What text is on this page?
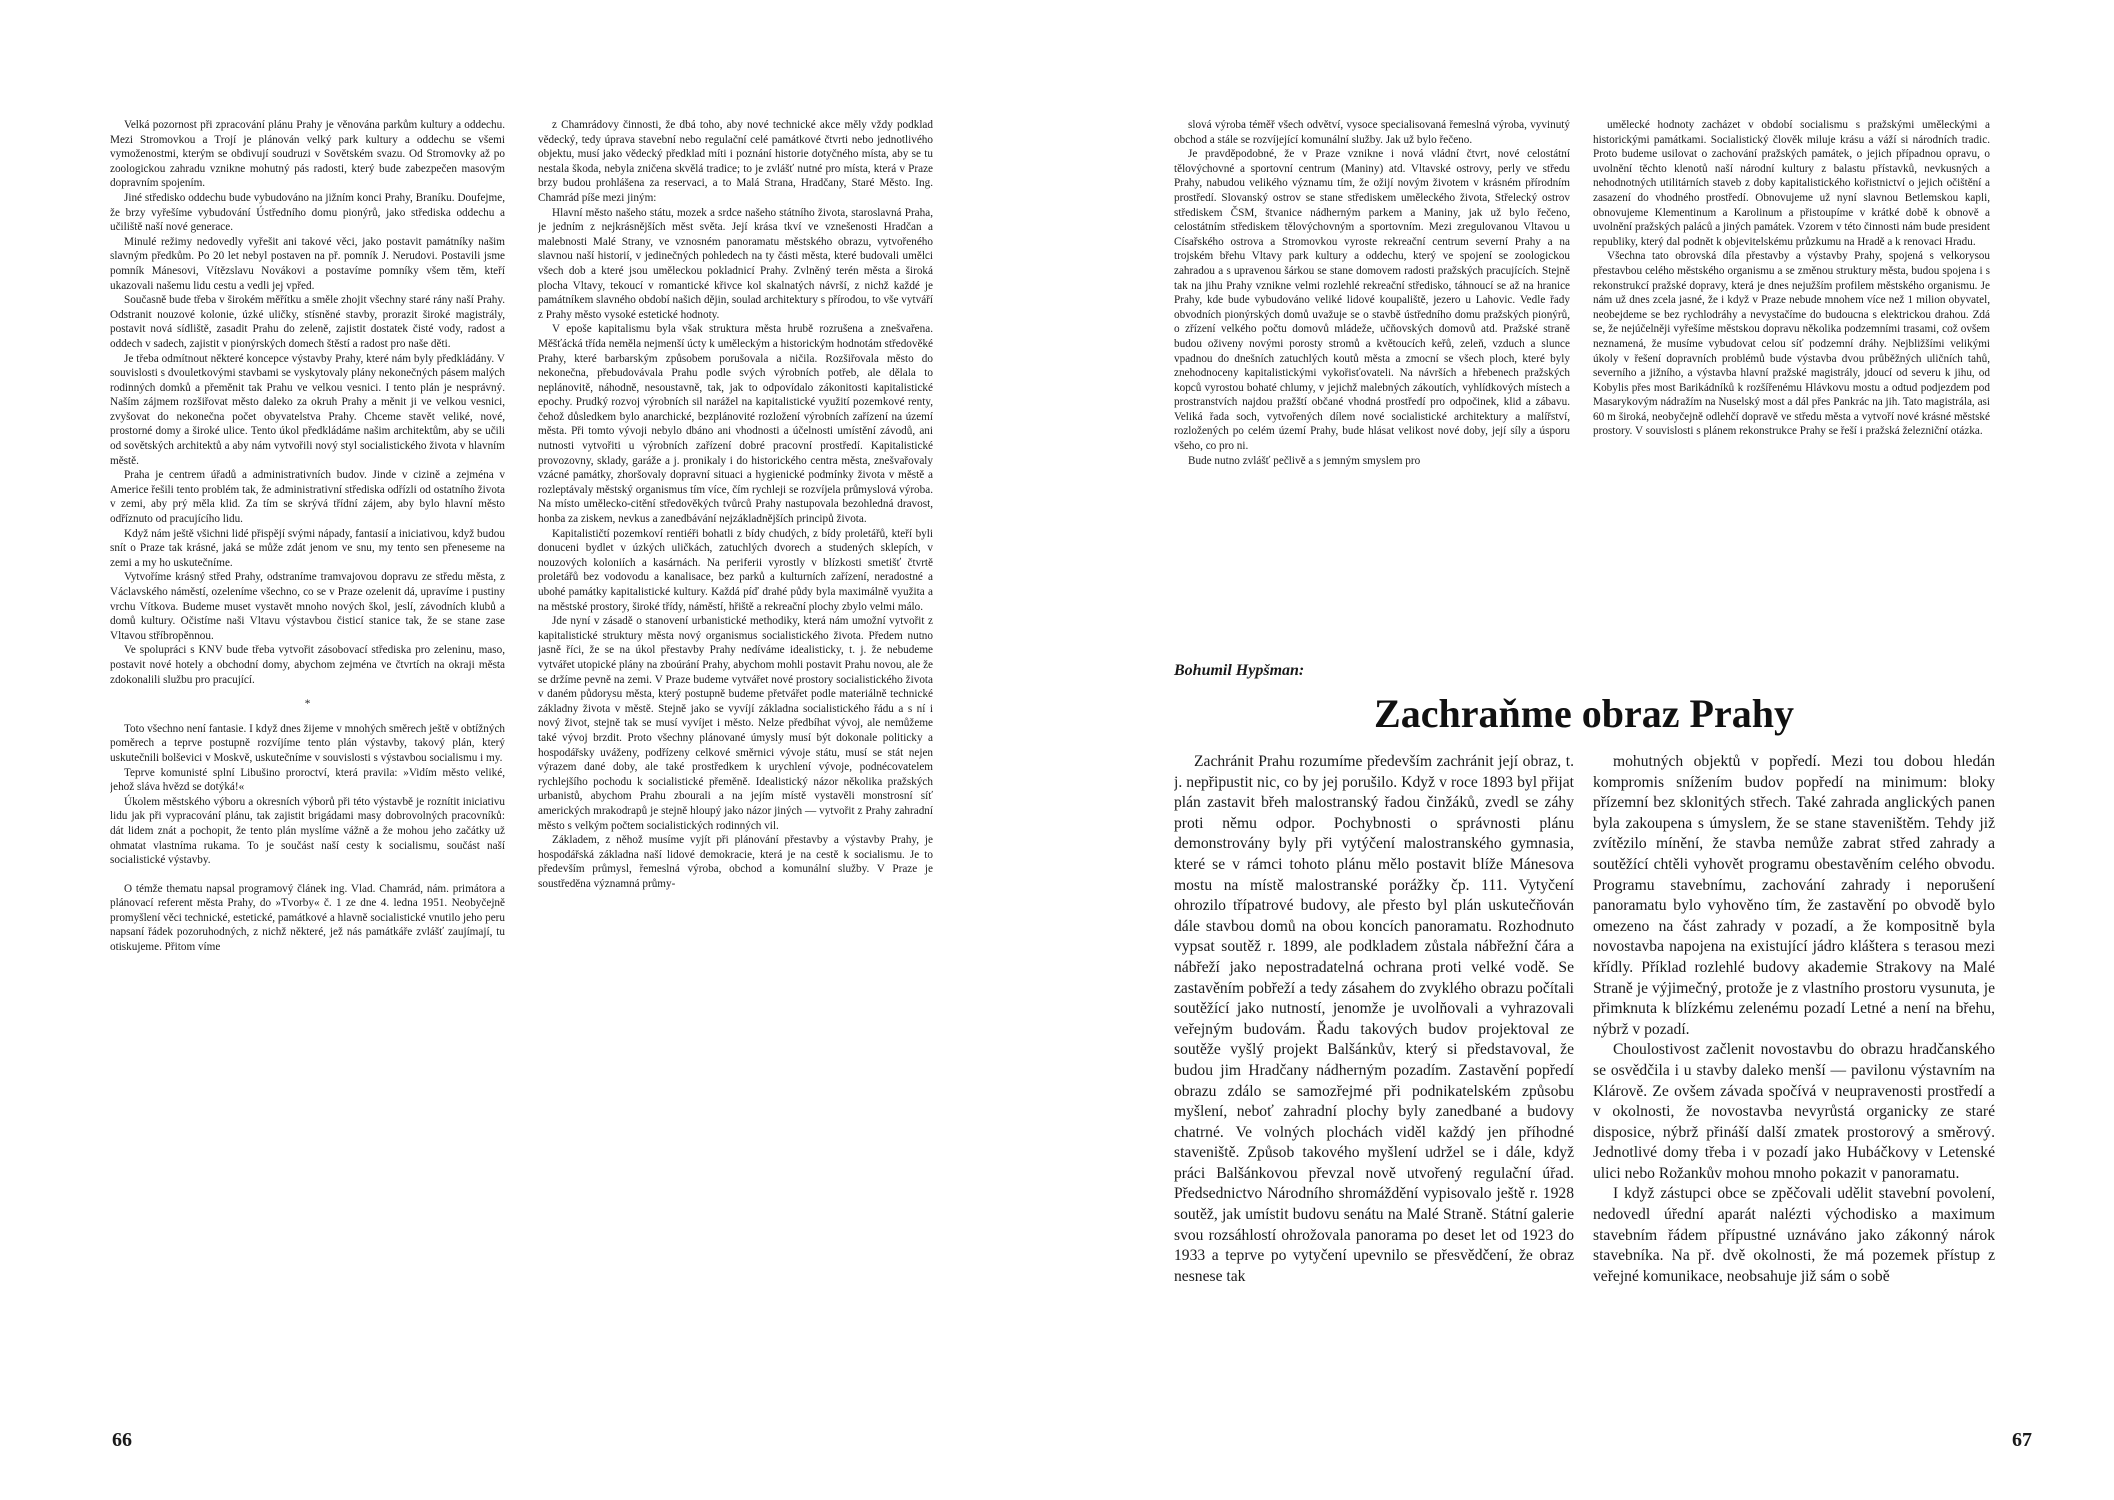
Velká pozornost při zpracování plánu Prahy je věnována parkům kultury a oddechu. Mezi Stromovkou a Trojí je plánován velký park kultury a oddechu se všemi vymoženostmi, kterým se obdivují soudruzi v Sovětském svazu. Od Stromovky až po zoologickou zahradu vznikne mohutný pás radosti, který bude zabezpečen masovým dopravním spojením.

Jiné středisko oddechu bude vybudováno na jižním konci Prahy, Braníku. Doufejme, že brzy vyřešíme vybudování Ústředního domu pionýrů, jako střediska oddechu a učiliště naší nové generace.

Minulé režimy nedovedly vyřešit ani takové věci, jako postavit památníky našim slavným předkům. Po 20 let nebyl postaven na př. pomník J. Nerudovi. Postavili jsme pomník Mánesovi, Vítězslavu Novákovi a postavíme pomníky všem těm, kteří ukazovali našemu lidu cestu a vedli jej vpřed.

Současně bude třeba v širokém měřítku a směle zhojit všechny staré rány naší Prahy. Odstranit nouzové kolonie, úzké uličky, stísněné stavby, prorazit široké magistrály, postavit nová sídliště, zasadit Prahu do zeleně, zajistit dostatek čisté vody, radost a oddech v sadech, zajistit v pionýrských domech štěstí a radost pro naše děti.

Je třeba odmítnout některé koncepce výstavby Prahy, které nám byly předkládány. V souvislosti s dvouletkovými stavbami se vyskytovaly plány nekonečných pásem malých rodinných domků a přeměnit tak Prahu ve velkou vesnici. I tento plán je nesprávný. Naším zájmem rozšiřovat město daleko za okruh Prahy a měnit ji ve velkou vesnici, zvyšovat do nekonečna počet obyvatelstva Prahy. Chceme stavět veliké, nové, prostorné domy a široké ulice. Tento úkol předkládáme našim architektům, aby se učili od sovětských architektů a aby nám vytvořili nový styl socialistického života v hlavním městě.

Praha je centrem úřadů a administrativních budov. Jinde v cizině a zejména v Americe řešili tento problém tak, že administrativní střediska odřízli od ostatního života v zemi, aby prý měla klid. Za tím se skrývá třídní zájem, aby bylo hlavní město odříznuto od pracujícího lidu.

Když nám ještě všichni lidé přispějí svými nápady, fantasií a iniciativou, když budou snít o Praze tak krásné, jaká se může zdát jenom ve snu, my tento sen přeneseme na zemi a my ho uskutečníme.

Vytvoříme krásný střed Prahy, odstraníme tramvajovou dopravu ze středu města, z Václavského náměstí, ozeleníme všechno, co se v Praze ozelenit dá, upravíme i pustiny vrchu Vítkova. Budeme muset vystavět mnoho nových škol, jeslí, závodních klubů a domů kultury. Očistíme naši Vltavu výstavbou čisticí stanice tak, že se stane zase Vltavou stříbropěnnou.

Ve spolupráci s KNV bude třeba vytvořit zásobovací střediska pro zeleninu, maso, postavit nové hotely a obchodní domy, abychom zejména ve čtvrtích na okraji města zdokonalili službu pro pracující.

*

Toto všechno není fantasie. I když dnes žijeme v mnohých směrech ještě v obtížných poměrech a teprve postupně rozvíjíme tento plán výstavby, takový plán, který uskutečnili bolševici v Moskvě, uskutečníme v souvislosti s výstavbou socialismu i my.

Teprve komunisté splní Libušino proroctví, která pravila: »Vidím město veliké, jehož sláva hvězd se dotýká!«

Úkolem městského výboru a okresních výborů při této výstavbě je roznítit iniciativu lidu jak při vypracování plánu, tak zajistit brigádami masy dobrovolných pracovníků: dát lidem znát a pochopit, že tento plán myslíme vážně a že mohou jeho začátky už ohmatat vlastníma rukama. To je součást naší cesty k socialismu, součást naší socialistické výstavby.

O témže thematu napsal programový článek ing. Vlad. Chamrád, nám. primátora a plánovací referent města Prahy, do »Tvorby« č. 1 ze dne 4. ledna 1951. Neobyčejně promyšlení věci technické, estetické, památkové a hlavně socialistické vnutilo jeho peru napsaní řádek pozoruhodných, z nichž některé, jež nás památkáře zvlášť zaujímají, tu otiskujeme. Přitom víme

z Chamrádovy činnosti, že dbá toho, aby nové technické akce měly vždy podklad vědecký, tedy úprava stavební nebo regulační celé památkové čtvrti nebo jednotlivého objektu, musí jako vědecký předklad míti i poznání historie dotyčného místa, aby se tu nestala škoda, nebyla zničena skvělá tradice; to je zvlášť nutné pro místa, která v Praze brzy budou prohlášena za reservaci, a to Malá Strana, Hradčany, Staré Město. Ing. Chamrád píše mezi jiným:

Hlavní město našeho státu, mozek a srdce našeho státního života, staroslavná Praha, je jedním z nejkrásnějších měst světa. Její krása tkví ve vznešenosti Hradčan a malebnosti Malé Strany, ve vznosném panoramatu městského obrazu, vytvořeného slavnou naší historií, v jedinečných pohledech na ty části města, které budovali umělci všech dob a které jsou uměleckou pokladnicí Prahy. Zvlněný terén města a široká plocha Vltavy, tekoucí v romantické křivce kol skalnatých návrší, z nichž každé je památníkem slavného období našich dějin, soulad architektury s přírodou, to vše vytváří z Prahy město vysoké estetické hodnoty.

V epoše kapitalismu byla však struktura města hrubě rozrušena a znešvařena. Měšťácká třída neměla nejmenší úcty k uměleckým a historickým hodnotám středověké Prahy, které barbarským způsobem porušovala a ničila. Rozšiřovala město do nekonečna, přebudovávala Prahu podle svých výrobních potřeb, ale dělala to neplánovitě, náhodně, nesoustavně, tak, jak to odpovídalo zákonitosti kapitalistické epochy. Prudký rozvoj výrobních sil narážel na kapitalistické využití pozemkové renty, čehož důsledkem bylo anarchické, bezplánovité rozložení výrobních zařízení na území města. Při tomto vývoji nebylo dbáno ani vhodnosti a účelnosti umístění závodů, ani nutnosti vytvořiti u výrobních zařízení dobré pracovní prostředí. Kapitalistické provozovny, sklady, garáže a j. pronikaly i do historického centra města, znešvařovaly vzácné památky, zhoršovaly dopravní situaci a hygienické podmínky života v městě a rozleptávaly městský organismus tím více, čím rychleji se rozvíjela průmyslová výroba. Na místo umělecko-citění středověkých tvůrců Prahy nastupovala bezohledná dravost, honba za ziskem, nevkus a zanedbávání nejzákladnějších principů života.

Kapitalističtí pozemkoví rentiéři bohatli z bídy chudých, z bídy proletářů, kteří byli donuceni bydlet v úzkých uličkách, zatuchlých dvorech a studených sklepích, v nouzových koloniích a kasárnách. Na periferii vyrostly v blízkosti smetišť čtvrtě proletářů bez vodovodu a kanalisace, bez parků a kulturních zařízení, neradostné a ubohé památky kapitalistické kultury. Každá píď drahé půdy byla maximálně využita a na městské prostory, široké třídy, náměstí, hřiště a rekreační plochy zbylo velmi málo.

Jde nyní v zásadě o stanovení urbanistické methodiky, která nám umožní vytvořit z kapitalistické struktury města nový organismus socialistického života. Předem nutno jasně říci, že se na úkol přestavby Prahy nedíváme idealisticky, t. j. že nebudeme vytvářet utopické plány na zboúrání Prahy, abychom mohli postavit Prahu novou, ale že se držíme pevně na zemi. V Praze budeme vytvářet nové prostory socialistického života v daném půdorysu města, který postupně budeme přetvářet podle materiálně technické základny života v městě. Stejně jako se vyvíjí základna socialistického řádu a s ní i nový život, stejně tak se musí vyvíjet i město. Nelze předbíhat vývoj, ale nemůžeme také vývoj brzdit. Proto všechny plánované úmysly musí být dokonale politicky a hospodářsky uváženy, podřízeny celkové směrnici vývoje státu, musí se stát nejen výrazem dané doby, ale také prostředkem k urychlení vývoje, podnécovatelem rychlejšího pochodu k socialistické přeměně. Idealistický názor několika pražských urbanistů, abychom Prahu zbourali a na jejím místě vystavěli monstrosní síť amerických mrakodrapů je stejně hloupý jako názor jiných — vytvořit z Prahy zahradní město s velkým počtem socialistických rodinných vil.

Základem, z něhož musíme vyjít při plánování přestavby a výstavby Prahy, je hospodářská základna naší lidové demokracie, která je na cestě k socialismu. Je to především průmysl, řemeslná výroba, obchod a komunální služby. V Praze je soustředěna významná průmy-

66

slová výroba téměř všech odvětví, vysoce specialisovaná řemeslná výroba, vyvinutý obchod a stále se rozvíjející komunální služby. Jak už bylo řečeno.

Je pravděpodobné, že v Praze vznikne i nová vládní čtvrt, nové celostátní tělovýchovné a sportovní centrum (Maniny) atd. Vltavské ostrovy, perly ve středu Prahy, nabudou velikého významu tím, že ožijí novým životem v krásném přírodním prostředí. Slovanský ostrov se stane střediskem uměleckého života, Střelecký ostrov střediskem ČSM, štvanice nádherným parkem a Maniny, jak už bylo řečeno, celostátním střediskem tělovýchovným a sportovním. Mezi zregulovanou Vltavou u Císařského ostrova a Stromovkou vyroste rekreační centrum severní Prahy a na trojském břehu Vltavy park kultury a oddechu, který ve spojení se zoologickou zahradou a s upravenou šárkou se stane domovem radosti pražských pracujících. Stejně tak na jihu Prahy vznikne velmi rozlehlé rekreační středisko, táhnoucí se až na hranice Prahy, kde bude vybudováno veliké lidové koupaliště, jezero u Lahovic. Vedle řady obvodních pionýrských domů uvažuje se o stavbě ústředního domu pražských pionýrů, o zřízení velkého počtu domovů mládeže, učňovských domovů atd. Pražské straně budou oživeny novými porosty stromů a květoucích keřů, zeleň, vzduch a slunce vpadnou do dnešních zatuchlých koutů města a zmocní se všech ploch, které byly znehodnoceny kapitalistickými vykořisťovateli. Na návrších a hřebenech pražských kopců vyrostou bohaté chlumy, v jejichž malebných zákoutích, vyhlídkových místech a prostranstvích najdou pražští občané vhodná prostředí pro odpočinek, klid a zábavu. Veliká řada soch, vytvořených dílem nové socialistické architektury a malířství, rozložených po celém území Prahy, bude hlásat velikost nové doby, její síly a úsporu všeho, co pro ni.

Bude nutno zvlášť pečlivě a s jemným smyslem pro

umělecké hodnoty zacházet v období socialismu s pražskými uměleckými a historickými památkami. Socialistický člověk miluje krásu a váží si národních tradic. Proto budeme usilovat o zachování pražských památek, o jejich případnou opravu, o uvolnění těchto klenotů naší národní kultury z balastu přístavků, nevkusných a nehodnotných utilitárních staveb z doby kapitalistického kořistnictví o jejich očištění a zasazení do vhodného prostředí. Obnovujeme už nyní slavnou Betlemskou kapli, obnovujeme Klementinum a Karolinum a přistoupíme v krátké době k obnově a uvolnění pražských paláců a jiných památek. Vzorem v této činnosti nám bude president republiky, který dal podnět k objevitelskému průzkumu na Hradě a k renovaci Hradu.

Všechna tato obrovská díla přestavby a výstavby Prahy, spojená s velkorysou přestavbou celého městského organismu a se změnou struktury města, budou spojena i s rekonstrukcí pražské dopravy, která je dnes nejužším profilem městského organismu. Je nám už dnes zcela jasné, že i když v Praze nebude mnohem více než 1 milion obyvatel, neobejdeme se bez rychlodráhy a nevystačíme do budoucna s elektrickou drahou. Zdá se, že nejúčelněji vyřešíme městskou dopravu několika podzemními trasami, což ovšem neznamená, že musíme vybudovat celou síť podzemní dráhy. Nejbližšími velikými úkoly v řešení dopravních problémů bude výstavba dvou průběžných uličních tahů, severního a jižního, a výstavba hlavní pražské magistrály, jdoucí od severu k jihu, od Kobylis přes most Barikádníků k rozšířenému Hlávkovu mostu a odtud podjezdem pod Masarykovým nádražím na Nuselský most a dál přes Pankrác na jih. Tato magistrála, asi 60 m široká, neobyčejně odlehčí dopravě ve středu města a vytvoří nové krásné městské prostory. V souvislosti s plánem rekonstrukce Prahy se řeší i pražská železniční otázka.

Bohumil Hypšman:
Zachraňme obraz Prahy

Zachránit Prahu rozumíme především zachránit její obraz, t. j. nepřipustit nic, co by jej porušilo. Když v roce 1893 byl přijat plán zastavit břeh malostranský řadou činžáků, zvedl se záhy proti němu odpor. Pochybnosti o správnosti plánu demonstrovány byly při vytýčení malostranského gymnasia, které se v rámci tohoto plánu mělo postavit blíže Mánesova mostu na místě malostranské porážky čp. 111. Vytyčení ohrozilo třípatrové budovy, ale přesto byl plán uskutečňován dále stavbou domů na obou koncích panoramatu. Rozhodnuto vypsat soutěž r. 1899, ale podkladem zůstala nábřežní čára a nábřeží jako nepostradatelná ochrana proti velké vodě. Se zastavěním pobřeží a tedy zásahem do zvyklého obrazu počítali soutěžící jako nutností, jenomže je uvolňovali a vyhrazovali veřejným budovám. Řadu takových budov projektoval ze soutěže vyšlý projekt Balšánkův, který si představoval, že budou jim Hradčany nádherným pozadím. Zastavění popředí obrazu zdálo se samozřejmé při podnikatelském způsobu myšlení, neboť zahradní plochy byly zanedbané a budovy chatrné. Ve volných plochách viděl každý jen příhodné staveniště. Způsob takového myšlení udržel se i dále, když práci Balšánkovou převzal nově utvořený regulační úřad. Předsednictvo Národního shromáždění vypisovalo ještě r. 1928 soutěž, jak umístit budovu senátu na Malé Straně. Státní galerie svou rozsáhlostí ohrožovala panorama po deset let od 1923 do 1933 a teprve po vytyčení upevnilo se přesvědčení, že obraz nesnese tak

mohutných objektů v popředí. Mezi tou dobou hledán kompromis snížením budov popředí na minimum: bloky přízemní bez sklonitých střech. Také zahrada anglických panen byla zakoupena s úmyslem, že se stane staveništěm. Tehdy již zvítězilo mínění, že stavba nemůže zabrat střed zahrady a soutěžící chtěli vyhovět programu obestavěním celého obvodu. Programu stavebnímu, zachování zahrady i neporušení panoramatu bylo vyhověno tím, že zastavění po obvodě bylo omezeno na část zahrady v pozadí, a že kompositně byla novostavba napojena na existující jádro kláštera s terasou mezi křídly. Příklad rozlehlé budovy akademie Strakovy na Malé Straně je výjimečný, protože je z vlastního prostoru vysunuta, je přimknuta k blízkému zelenému pozadí Letné a není na břehu, nýbrž v pozadí.

Choulostivost začlenit novostavbu do obrazu hradčanského se osvědčila i u stavby daleko menší — pavilonu výstavním na Klárově. Ze ovšem závada spočívá v neupravenosti prostředí a v okolnosti, že novostavba nevyrůstá organicky ze staré disposice, nýbrž přináší další zmatek prostorový a směrový. Jednotlivé domy třeba i v pozadí jako Hubáčkovy v Letenské ulici nebo Rožankův mohou mnoho pokazit v panoramatu.

I když zástupci obce se zpěčovali udělit stavební povolení, nedovedl úřední aparát nalézti východisko a maximum stavebním řádem přípustné uznáváno jako zákonný nárok stavebníka. Na př. dvě okolnosti, že má pozemek přístup z veřejné komunikace, neobsahuje již sám o sobě

67
